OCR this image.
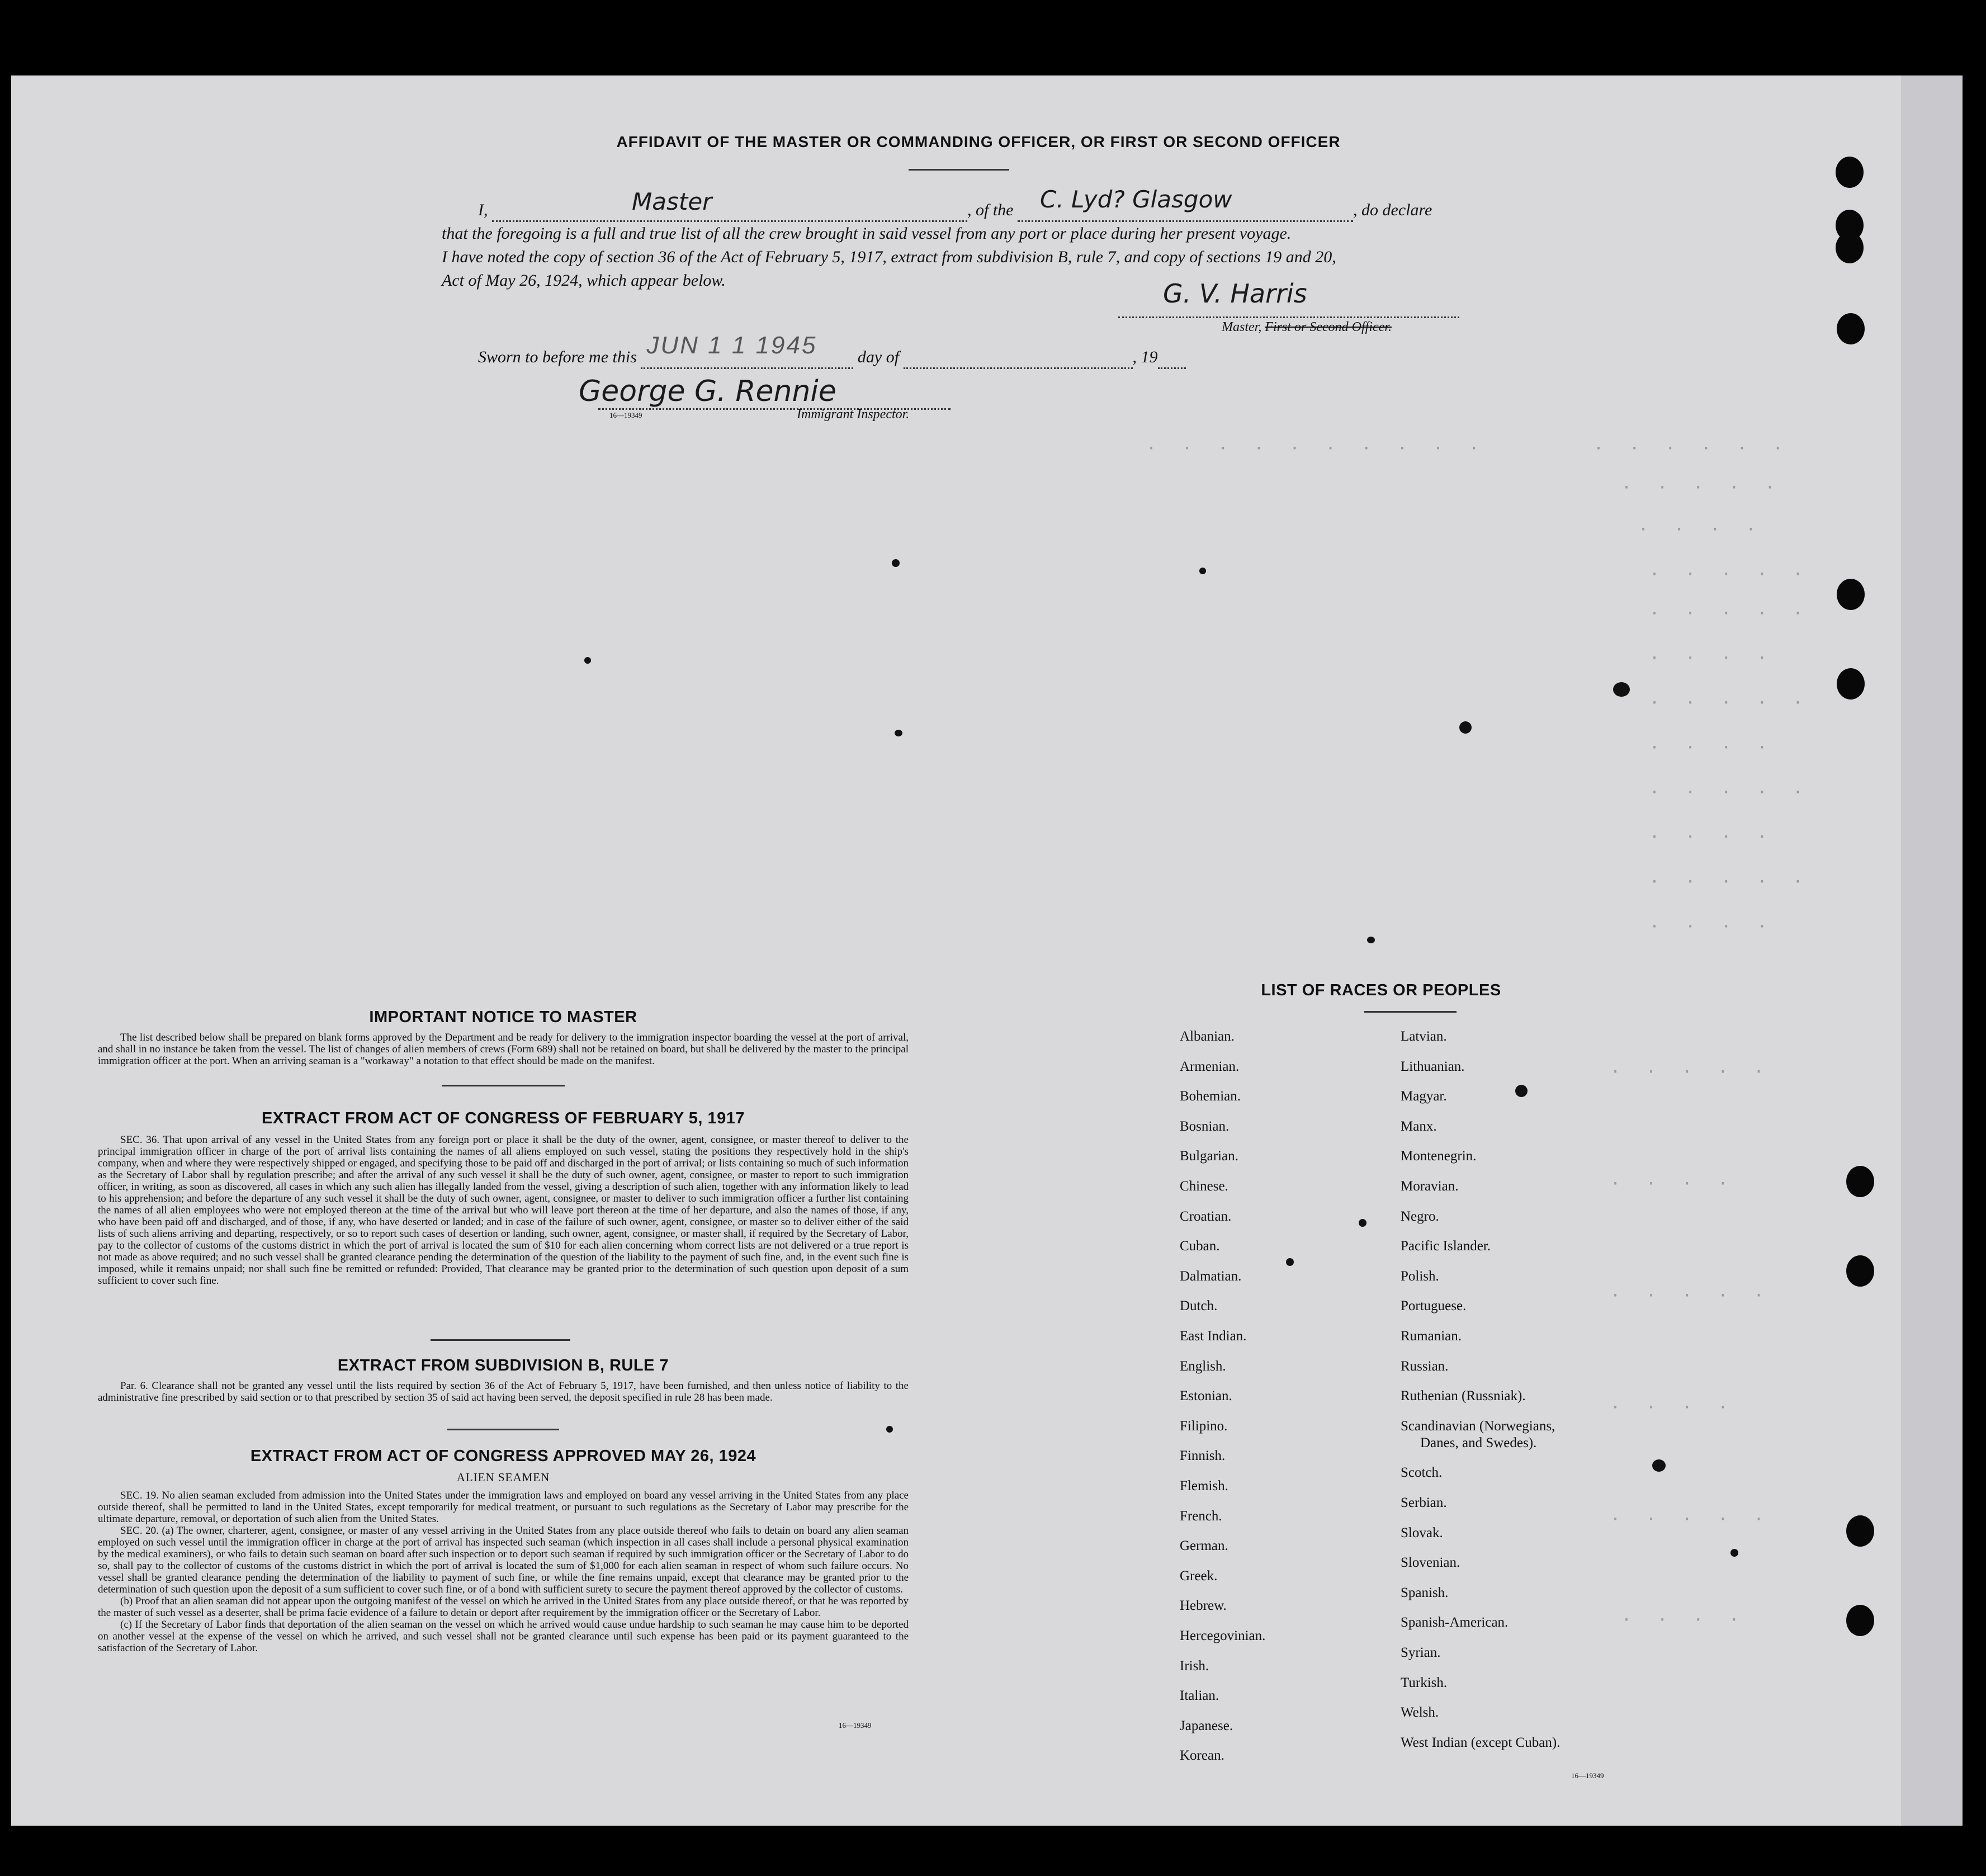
· · · · · · · · · ·	· · · · · ·
· · · · ·
· · · ·
· · · · ·
· · · · ·
· · · ·
· · · · ·
· · · ·
· · · · ·
· · · ·
· · · · ·
· · · ·
· · · · ·
· · · ·
· · · · ·
· · · ·
· · · · ·
· · · ·
AFFIDAVIT OF THE MASTER OR COMMANDING OFFICER, OR FIRST OR SECOND OFFICER
I,	Master	, of the C. Lyd? Glasgow	, do declare
that the foregoing is a full and true list of all the crew brought in said vessel from any port or place during her present voyage.
I have noted the copy of section 36 of the Act of February 5, 1917, extract from subdivision B, rule 7, and copy of sections 19 and 20,
Act of May 26, 1924, which appear below.	G. V. Harris
Master, First or Second Officer.
Sworn to before me this JUN 1 1 1945 day of	, 19
George G. Rennie
16—19349	Immigrant Inspector.
IMPORTANT NOTICE TO MASTER

The list described below shall be prepared on blank forms approved by the Department and be ready for delivery to the immigration inspector boarding the vessel at the port of arrival, and shall in no instance be taken from the vessel. The list of changes of alien members of crews (Form 689) shall not be retained on board, but shall be delivered by the master to the principal immigration officer at the port. When an arriving seaman is a "workaway" a notation to that effect should be made on the manifest.

EXTRACT FROM ACT OF CONGRESS OF FEBRUARY 5, 1917

SEC. 36. That upon arrival of any vessel in the United States from any foreign port or place it shall be the duty of the owner, agent, consignee, or master thereof to deliver to the principal immigration officer in charge of the port of arrival lists containing the names of all aliens employed on such vessel, stating the positions they respectively hold in the ship's company, when and where they were respectively shipped or engaged, and specifying those to be paid off and discharged in the port of arrival; or lists containing so much of such information as the Secretary of Labor shall by regulation prescribe; and after the arrival of any such vessel it shall be the duty of such owner, agent, consignee, or master to report to such immigration officer, in writing, as soon as discovered, all cases in which any such alien has illegally landed from the vessel, giving a description of such alien, together with any information likely to lead to his apprehension; and before the departure of any such vessel it shall be the duty of such owner, agent, consignee, or master to deliver to such immigration officer a further list containing the names of all alien employees who were not employed thereon at the time of the arrival but who will leave port thereon at the time of her departure, and also the names of those, if any, who have been paid off and discharged, and of those, if any, who have deserted or landed; and in case of the failure of such owner, agent, consignee, or master so to deliver either of the said lists of such aliens arriving and departing, respectively, or so to report such cases of desertion or landing, such owner, agent, consignee, or master shall, if required by the Secretary of Labor, pay to the collector of customs of the customs district in which the port of arrival is located the sum of $10 for each alien concerning whom correct lists are not delivered or a true report is not made as above required; and no such vessel shall be granted clearance pending the determination of the question of the liability to the payment of such fine, and, in the event such fine is imposed, while it remains unpaid; nor shall such fine be remitted or refunded: Provided, That clearance may be granted prior to the determination of such question upon deposit of a sum sufficient to cover such fine.

EXTRACT FROM SUBDIVISION B, RULE 7

Par. 6. Clearance shall not be granted any vessel until the lists required by section 36 of the Act of February 5, 1917, have been furnished, and then unless notice of liability to the administrative fine prescribed by said section or to that prescribed by section 35 of said act having been served, the deposit specified in rule 28 has been made.

EXTRACT FROM ACT OF CONGRESS APPROVED MAY 26, 1924
ALIEN SEAMEN

SEC. 19. No alien seaman excluded from admission into the United States under the immigration laws and employed on board any vessel arriving in the United States from any place outside thereof, shall be permitted to land in the United States, except temporarily for medical treatment, or pursuant to such regulations as the Secretary of Labor may prescribe for the ultimate departure, removal, or deportation of such alien from the United States.

SEC. 20. (a) The owner, charterer, agent, consignee, or master of any vessel arriving in the United States from any place outside thereof who fails to detain on board any alien seaman employed on such vessel until the immigration officer in charge at the port of arrival has inspected such seaman (which inspection in all cases shall include a personal physical examination by the medical examiners), or who fails to detain such seaman on board after such inspection or to deport such seaman if required by such immigration officer or the Secretary of Labor to do so, shall pay to the collector of customs of the customs district in which the port of arrival is located the sum of $1,000 for each alien seaman in respect of whom such failure occurs. No vessel shall be granted clearance pending the determination of the liability to payment of such fine, or while the fine remains unpaid, except that clearance may be granted prior to the determination of such question upon the deposit of a sum sufficient to cover such fine, or of a bond with sufficient surety to secure the payment thereof approved by the collector of customs.

(b) Proof that an alien seaman did not appear upon the outgoing manifest of the vessel on which he arrived in the United States from any place outside thereof, or that he was reported by the master of such vessel as a deserter, shall be prima facie evidence of a failure to detain or deport after requirement by the immigration officer or the Secretary of Labor.

(c) If the Secretary of Labor finds that deportation of the alien seaman on the vessel on which he arrived would cause undue hardship to such seaman he may cause him to be deported on another vessel at the expense of the vessel on which he arrived, and such vessel shall not be granted clearance until such expense has been paid or its payment guaranteed to the satisfaction of the Secretary of Labor.

16—19349
LIST OF RACES OR PEOPLES
Albanian.
Armenian.
Bohemian.
Bosnian.
Bulgarian.
Chinese.
Croatian.
Cuban.
Dalmatian.
Dutch.
East Indian.
English.
Estonian.
Filipino.
Finnish.
Flemish.
French.
German.
Greek.
Hebrew.
Hercegovinian.
Irish.
Italian.
Japanese.
Korean.
Latvian.
Lithuanian.
Magyar.
Manx.
Montenegrin.
Moravian.
Negro.
Pacific Islander.
Polish.
Portuguese.
Rumanian.
Russian.
Ruthenian (Russniak).
Scandinavian (Norwegians,
Danes, and Swedes).
Scotch.
Serbian.
Slovak.
Slovenian.
Spanish.
Spanish-American.
Syrian.
Turkish.
Welsh.
West Indian (except Cuban).
16—19349
